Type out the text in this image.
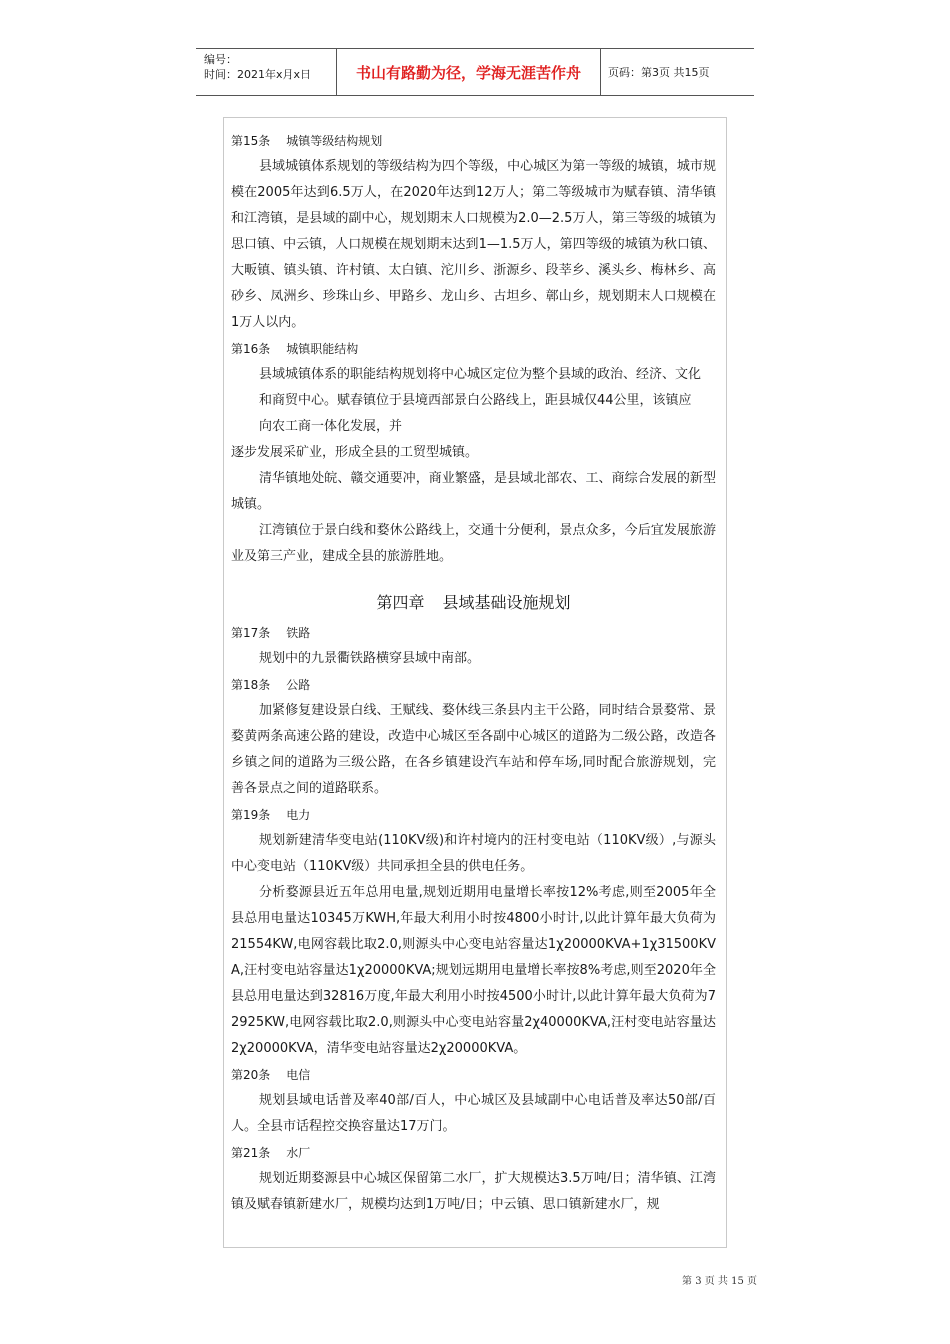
编号：
时间：2021年x月x日	书山有路勤为径，学海无涯苦作舟	页码：第3页 共15页
第15条 城镇等级结构规划

县域城镇体系规划的等级结构为四个等级，中心城区为第一等级的城镇，城市规模在2005年达到6.5万人，在2020年达到12万人；第二等级城市为赋春镇、清华镇和江湾镇，是县域的副中心，规划期末人口规模为2.0—2.5万人，第三等级的城镇为思口镇、中云镇，人口规模在规划期末达到1—1.5万人，第四等级的城镇为秋口镇、大畈镇、镇头镇、许村镇、太白镇、沱川乡、浙源乡、段莘乡、溪头乡、梅林乡、高砂乡、凤洲乡、珍珠山乡、甲路乡、龙山乡、古坦乡、鄣山乡，规划期末人口规模在1万人以内。

第16条 城镇职能结构

县域城镇体系的职能结构规划将中心城区定位为整个县域的政治、经济、文化

和商贸中心。赋春镇位于县境西部景白公路线上，距县城仅44公里，该镇应

向农工商一体化发展，并

逐步发展采矿业，形成全县的工贸型城镇。

清华镇地处皖、赣交通要冲，商业繁盛，是县域北部农、工、商综合发展的新型城镇。

江湾镇位于景白线和婺休公路线上，交通十分便利，景点众多，今后宜发展旅游业及第三产业，建成全县的旅游胜地。

第四章 县域基础设施规划
第17条 铁路

规划中的九景衢铁路横穿县域中南部。

第18条 公路

加紧修复建设景白线、王赋线、婺休线三条县内主干公路，同时结合景婺常、景婺黄两条高速公路的建设，改造中心城区至各副中心城区的道路为二级公路，改造各乡镇之间的道路为三级公路，在各乡镇建设汽车站和停车场,同时配合旅游规划，完善各景点之间的道路联系。

第19条 电力

规划新建清华变电站(110KV级)和许村境内的汪村变电站（110KV级）,与源头中心变电站（110KV级）共同承担全县的供电任务。

分析婺源县近五年总用电量,规划近期用电量增长率按12%考虑,则至2005年全县总用电量达10345万KWH,年最大利用小时按4800小时计,以此计算年最大负荷为21554KW,电网容载比取2.0,则源头中心变电站容量达1χ20000KVA+1χ31500KVA,汪村变电站容量达1χ20000KVA;规划远期用电量增长率按8%考虑,则至2020年全县总用电量达到32816万度,年最大利用小时按4500小时计,以此计算年最大负荷为72925KW,电网容载比取2.0,则源头中心变电站容量2χ40000KVA,汪村变电站容量达2χ20000KVA，清华变电站容量达2χ20000KVA。

第20条 电信

规划县域电话普及率40部/百人，中心城区及县域副中心电话普及率达50部/百人。全县市话程控交换容量达17万门。

第21条 水厂

规划近期婺源县中心城区保留第二水厂，扩大规模达3.5万吨/日；清华镇、江湾镇及赋春镇新建水厂，规模均达到1万吨/日；中云镇、思口镇新建水厂，规

第 3 页 共 15 页
